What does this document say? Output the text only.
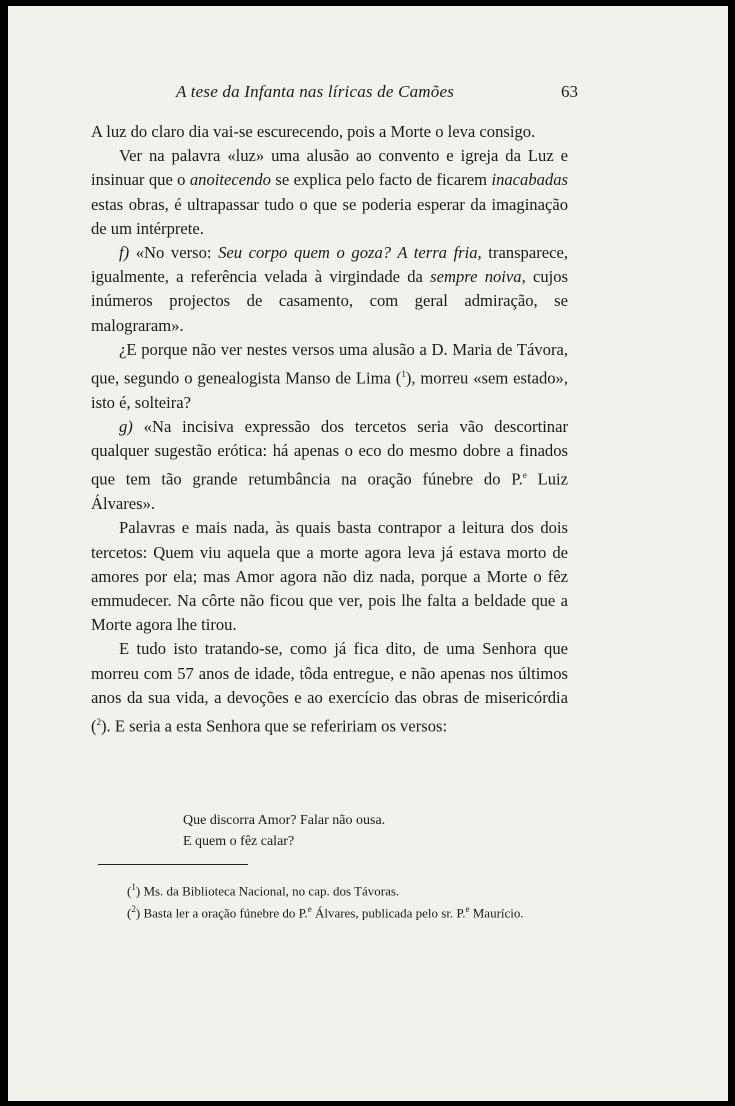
A tese da Infanta nas líricas de Camões	63

A luz do claro dia vai-se escurecendo, pois a Morte o leva consigo.

Ver na palavra «luz» uma alusão ao convento e igreja da Luz e insinuar que o anoitecendo se explica pelo facto de ficarem inacabadas estas obras, é ultrapassar tudo o que se poderia esperar da imaginação de um intérprete.

f) «No verso: Seu corpo quem o goza? A terra fria, transparece, igualmente, a referência velada à virgindade da sempre noiva, cujos inúmeros projectos de casamento, com geral admiração, se malograram».

¿E porque não ver nestes versos uma alusão a D. Maria de Távora, que, segundo o genealogista Manso de Lima ($^1$), morreu «sem estado», isto é, solteira?

g) «Na incisiva expressão dos tercetos seria vão descortinar qualquer sugestão erótica: há apenas o eco do mesmo dobre a finados que tem tão grande retumbância na oração fúnebre do P.$^e$ Luiz Álvares».

Palavras e mais nada, às quais basta contrapor a leitura dos dois tercetos: Quem viu aquela que a morte agora leva já estava morto de amores por ela; mas Amor agora não diz nada, porque a Morte o fêz emmudecer. Na côrte não ficou que ver, pois lhe falta a beldade que a Morte agora lhe tirou.

E tudo isto tratando-se, como já fica dito, de uma Senhora que morreu com 57 anos de idade, tôda entregue, e não apenas nos últimos anos da sua vida, a devoções e ao exercício das obras de misericórdia ($^2$). E seria a esta Senhora que se refeririam os versos:

Que discorra Amor? Falar não ousa.
E quem o fêz calar?

($^1$) Ms. da Biblioteca Nacional, no cap. dos Távoras.

($^2$) Basta ler a oração fúnebre do P.$^e$ Álvares, publicada pelo sr. P.$^e$ Maurício.
